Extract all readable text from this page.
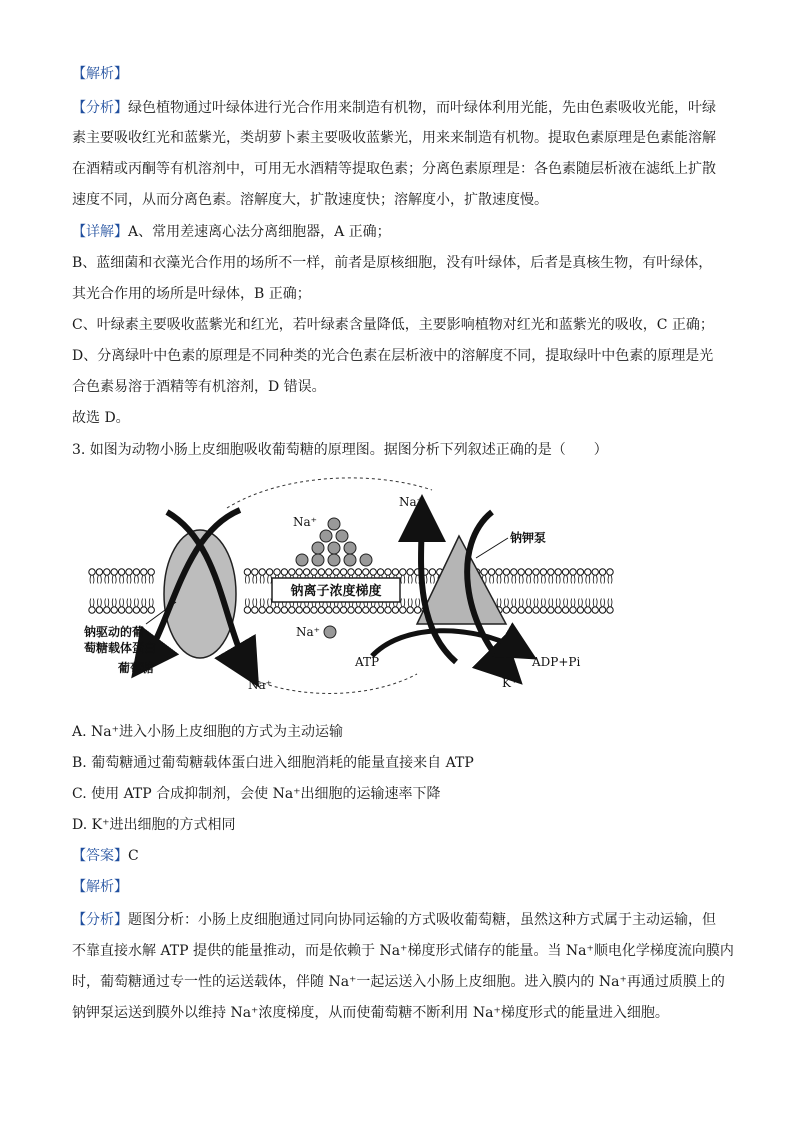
【解析】
【分析】绿色植物通过叶绿体进行光合作用来制造有机物，而叶绿体利用光能，先由色素吸收光能，叶绿
素主要吸收红光和蓝紫光，类胡萝卜素主要吸收蓝紫光，用来来制造有机物。提取色素原理是色素能溶解
在酒精或丙酮等有机溶剂中，可用无水酒精等提取色素；分离色素原理是：各色素随层析液在滤纸上扩散
速度不同，从而分离色素。溶解度大，扩散速度快；溶解度小，扩散速度慢。
【详解】A、常用差速离心法分离细胞器，A 正确；
B、蓝细菌和衣藻光合作用的场所不一样，前者是原核细胞，没有叶绿体，后者是真核生物，有叶绿体，
其光合作用的场所是叶绿体，B 正确；
C、叶绿素主要吸收蓝紫光和红光，若叶绿素含量降低，主要影响植物对红光和蓝紫光的吸收，C 正确；
D、分离绿叶中色素的原理是不同种类的光合色素在层析液中的溶解度不同，提取绿叶中色素的原理是光
合色素易溶于酒精等有机溶剂，D 错误。
故选 D。
3. 如图为动物小肠上皮细胞吸收葡萄糖的原理图。据图分析下列叙述正确的是（　　）
钠离子浓度梯度
Na⁺
Na⁺
钠钾泵
钠驱动的葡
萄糖载体蛋白
Na⁺
葡萄糖
Na⁺
ATP	ADP+Pi
K⁺
A. Na⁺进入小肠上皮细胞的方式为主动运输
B. 葡萄糖通过葡萄糖载体蛋白进入细胞消耗的能量直接来自 ATP
C. 使用 ATP 合成抑制剂，会使 Na⁺出细胞的运输速率下降
D. K⁺进出细胞的方式相同
【答案】C
【解析】
【分析】题图分析：小肠上皮细胞通过同向协同运输的方式吸收葡萄糖，虽然这种方式属于主动运输，但
不靠直接水解 ATP 提供的能量推动，而是依赖于 Na⁺梯度形式储存的能量。当 Na⁺顺电化学梯度流向膜内
时，葡萄糖通过专一性的运送载体，伴随 Na⁺一起运送入小肠上皮细胞。进入膜内的 Na⁺再通过质膜上的
钠钾泵运送到膜外以维持 Na⁺浓度梯度，从而使葡萄糖不断利用 Na⁺梯度形式的能量进入细胞。
